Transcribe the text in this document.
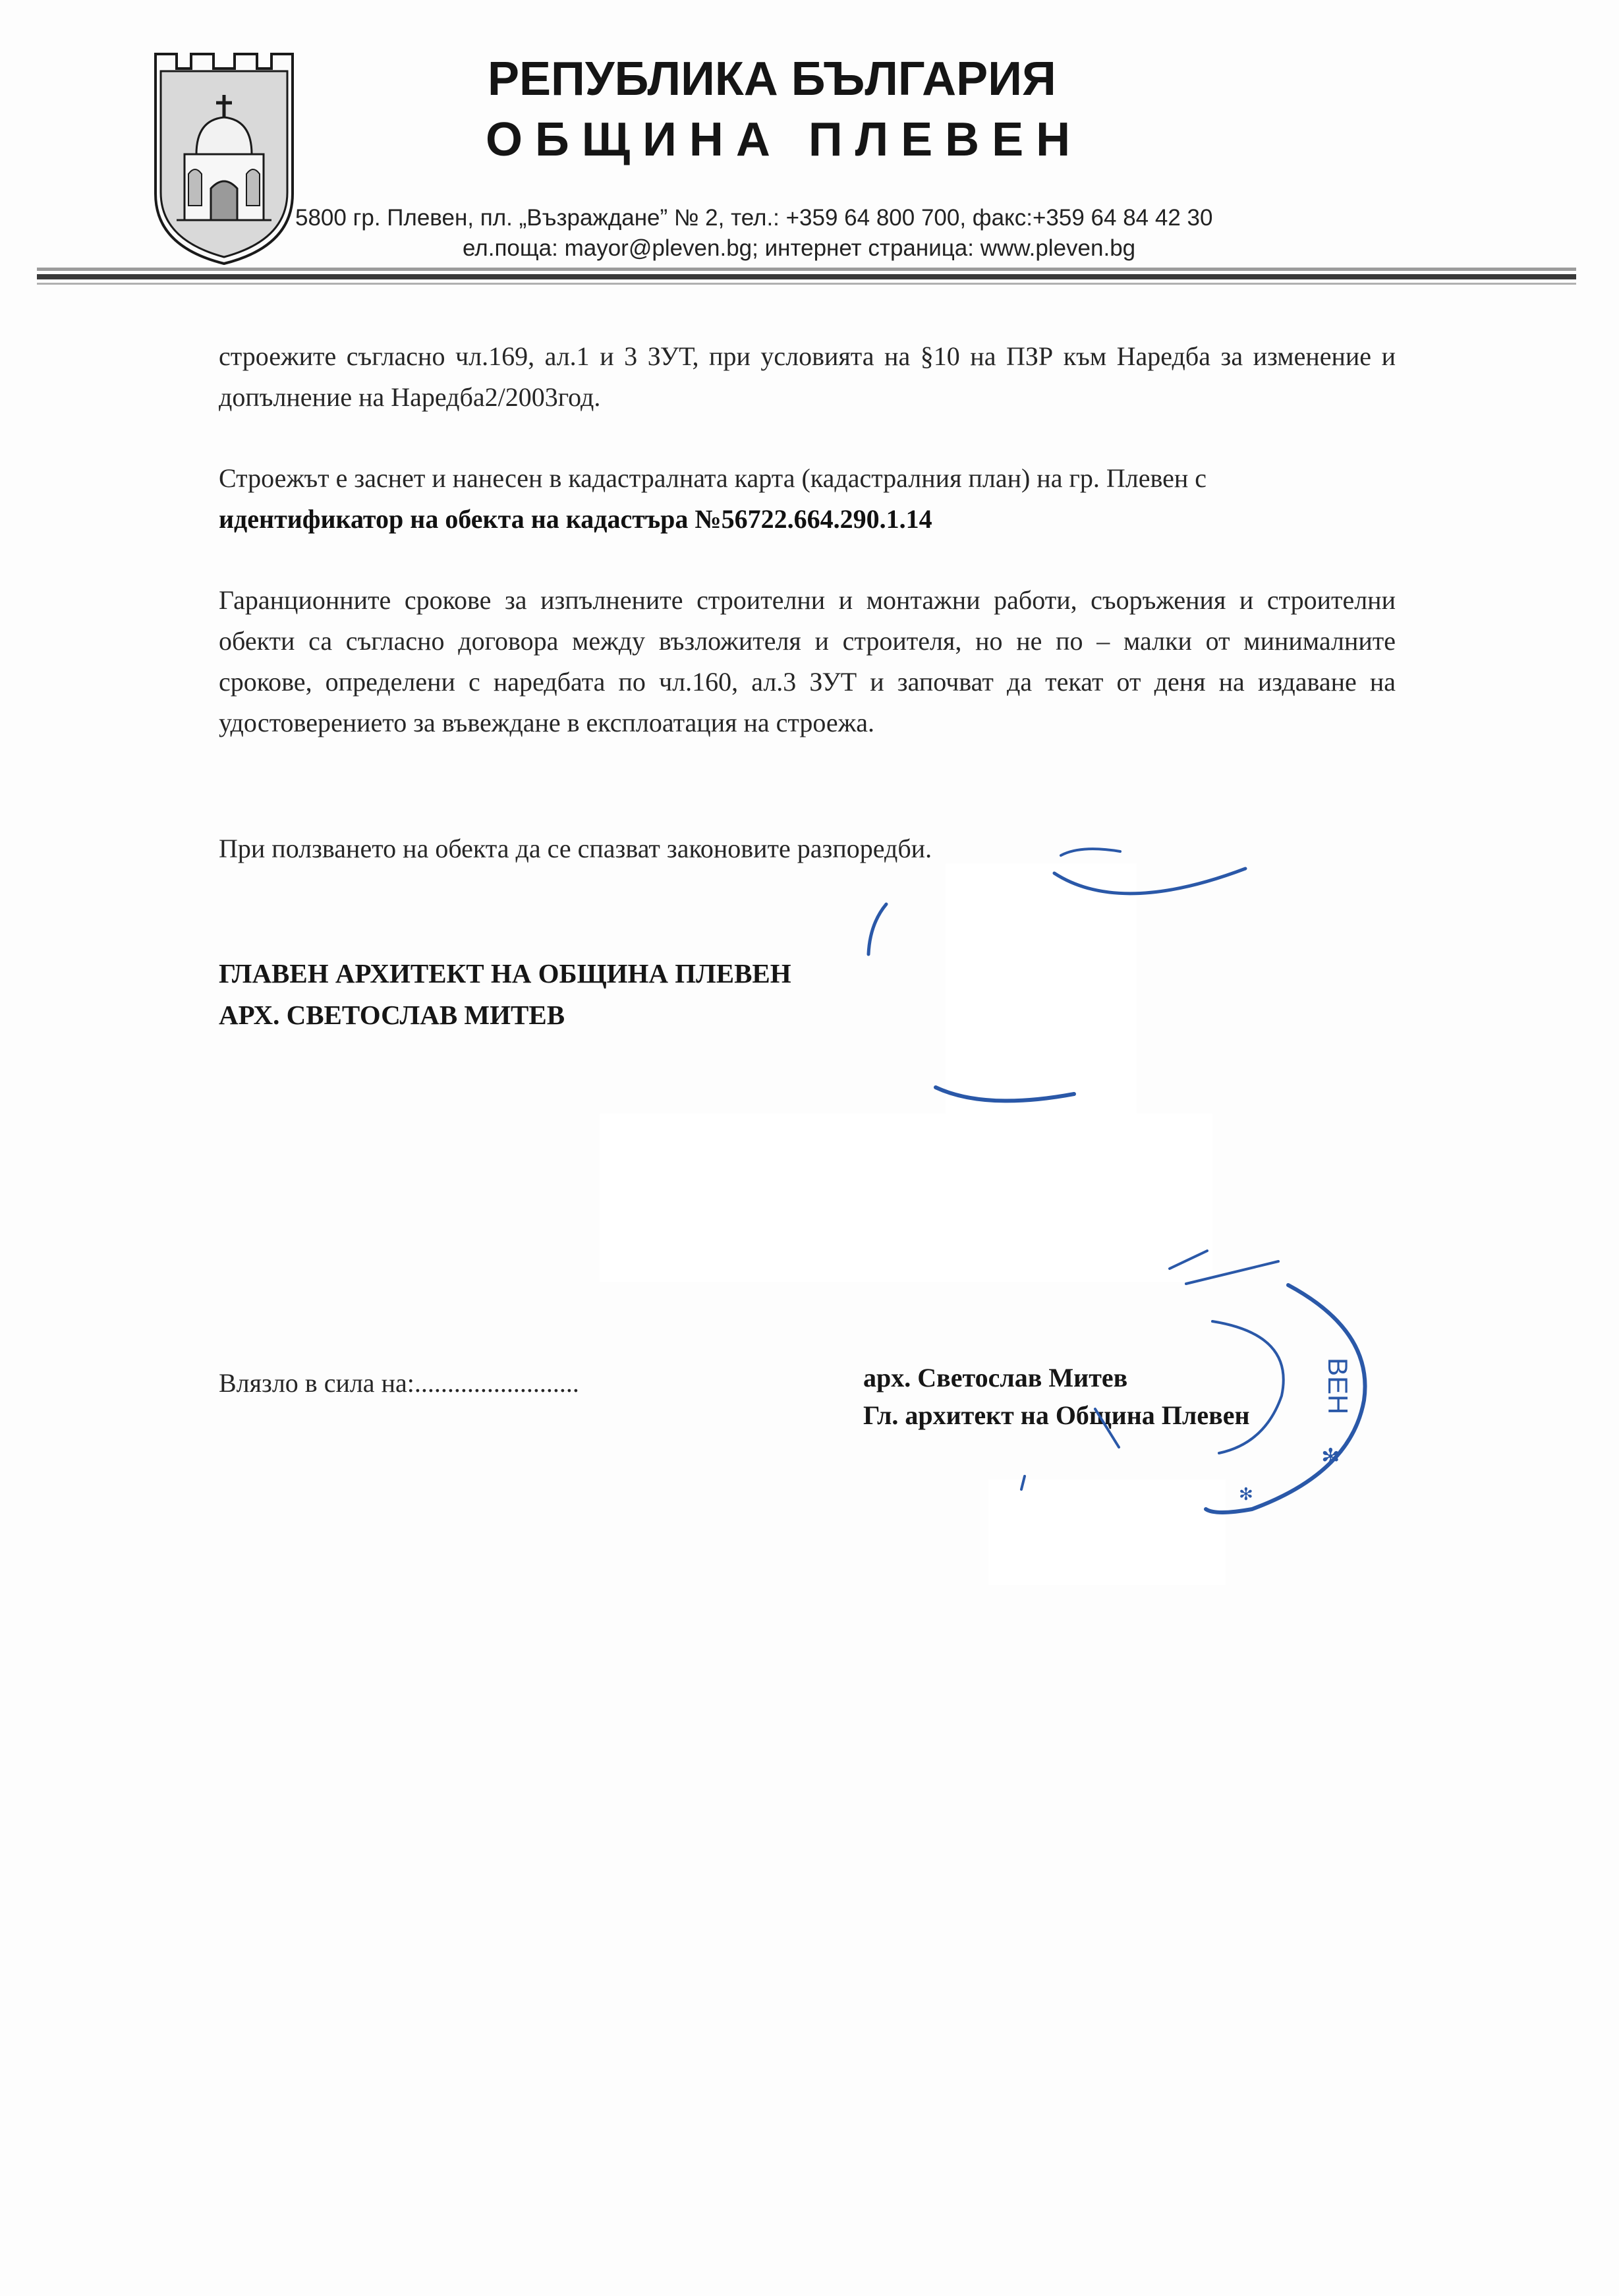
РЕПУБЛИКА БЪЛГАРИЯ
ОБЩИНА ПЛЕВЕН
5800 гр. Плевен, пл. „Възраждане” № 2, тел.: +359 64 800 700, факс:+359 64 84 42 30
ел.поща: mayor@pleven.bg; интернет страница: www.pleven.bg

строежите съгласно чл.169, ал.1 и 3 ЗУТ, при условията на §10 на ПЗР към Наредба за изменение и допълнение на Наредба2/2003год.

Строежът е заснет и нанесен в кадастралната карта (кадастралния план) на гр. Плевен с
идентификатор на обекта на кадастъра №56722.664.290.1.14

Гаранционните срокове за изпълнените строителни и монтажни работи, съоръжения и строителни обекти са съгласно договора между възложителя и строителя, но не по – малки от минималните срокове, определени с наредбата по чл.160, ал.3 ЗУТ и започват да текат от деня на издаване на удостоверението за въвеждане в експлоатация на строежа.

При ползването на обекта да се спазват законовите разпоредби.

ГЛАВЕН АРХИТЕКТ НА ОБЩИНА ПЛЕВЕН
АРХ. СВЕТОСЛАВ МИТЕВ
Влязло в сила на:.........................	арх. Светослав Митев
Гл. архитект на Община Плевен
ВЕН
✻
✻
